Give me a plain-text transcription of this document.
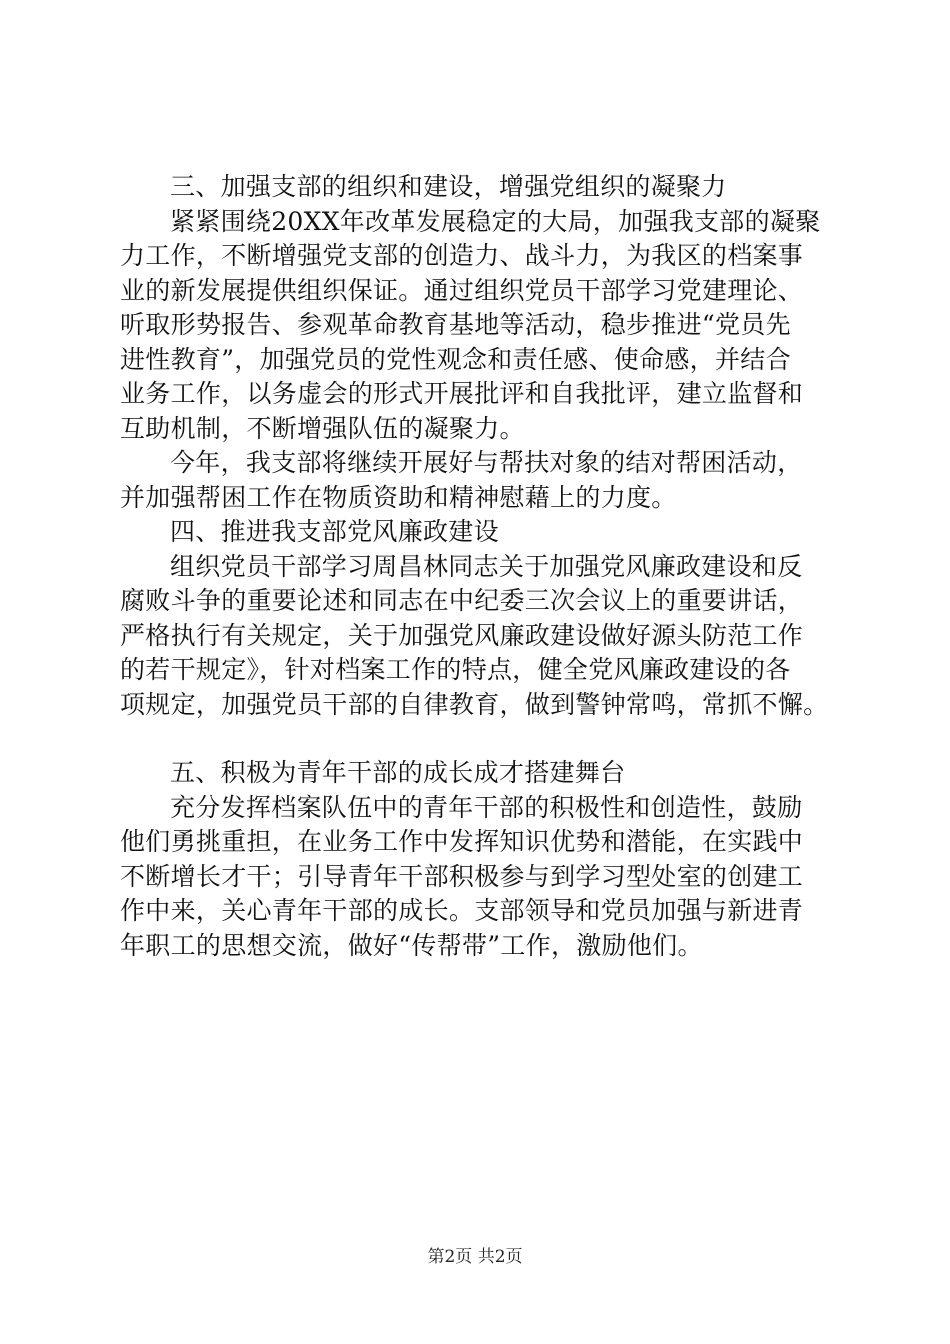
三、加强支部的组织和建设，增强党组织的凝聚力
紧紧围绕20XX年改革发展稳定的大局，加强我支部的凝聚
力工作，不断增强党支部的创造力、战斗力，为我区的档案事
业的新发展提供组织保证。通过组织党员干部学习党建理论、
听取形势报告、参观革命教育基地等活动，稳步推进“党员先
进性教育”，加强党员的党性观念和责任感、使命感，并结合
业务工作，以务虚会的形式开展批评和自我批评，建立监督和
互助机制，不断增强队伍的凝聚力。
今年，我支部将继续开展好与帮扶对象的结对帮困活动，
并加强帮困工作在物质资助和精神慰藉上的力度。
四、推进我支部党风廉政建设
组织党员干部学习周昌林同志关于加强党风廉政建设和反
腐败斗争的重要论述和同志在中纪委三次会议上的重要讲话，
严格执行有关规定，关于加强党风廉政建设做好源头防范工作
的若干规定》，针对档案工作的特点，健全党风廉政建设的各
项规定，加强党员干部的自律教育，做到警钟常鸣，常抓不懈。
五、积极为青年干部的成长成才搭建舞台
充分发挥档案队伍中的青年干部的积极性和创造性，鼓励
他们勇挑重担，在业务工作中发挥知识优势和潜能，在实践中
不断增长才干；引导青年干部积极参与到学习型处室的创建工
作中来，关心青年干部的成长。支部领导和党员加强与新进青
年职工的思想交流，做好“传帮带”工作，激励他们。
第2页 共2页
